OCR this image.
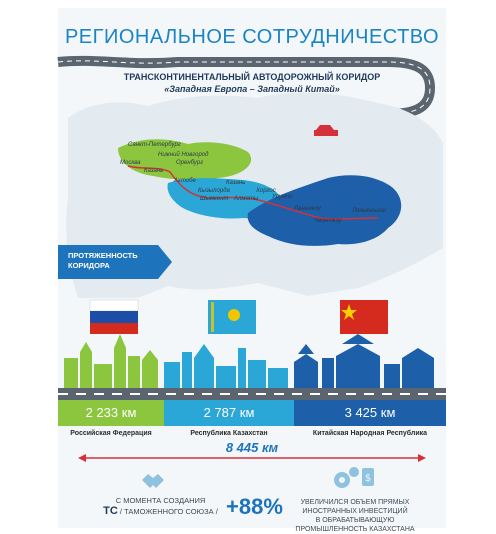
РЕГИОНАЛЬНОЕ СОТРУДНИЧЕСТВО
ТРАНСКОНТИНЕНТАЛЬНЫЙ АВТОДОРОЖНЫЙ КОРИДОР
«Западная Европа – Западный Китай»
Санкт-Петербург
Нижний Новгород
Москва	Оренбург
Казань
Актобе
Кызылорда
Шымкент
Казань
Алматы
Хоргос
Урумчи
Ланьчжоу
Чжэнчжоу
Ляньюньган
ПРОТЯЖЕННОСТЬ
КОРИДОРА
2 233 км	2 787 км	3 425 км
Российская Федерация	Республика Казахстан	Китайская Народная Республика
8 445 км
$
С МОМЕНТА СОЗДАНИЯ
ТС / ТАМОЖЕННОГО СОЮЗА / +88%	УВЕЛИЧИЛСЯ ОБЪЕМ ПРЯМЫХ
ИНОСТРАННЫХ ИНВЕСТИЦИЙ
В ОБРАБАТЫВАЮЩУЮ
ПРОМЫШЛЕННОСТЬ КАЗАХСТАНА
